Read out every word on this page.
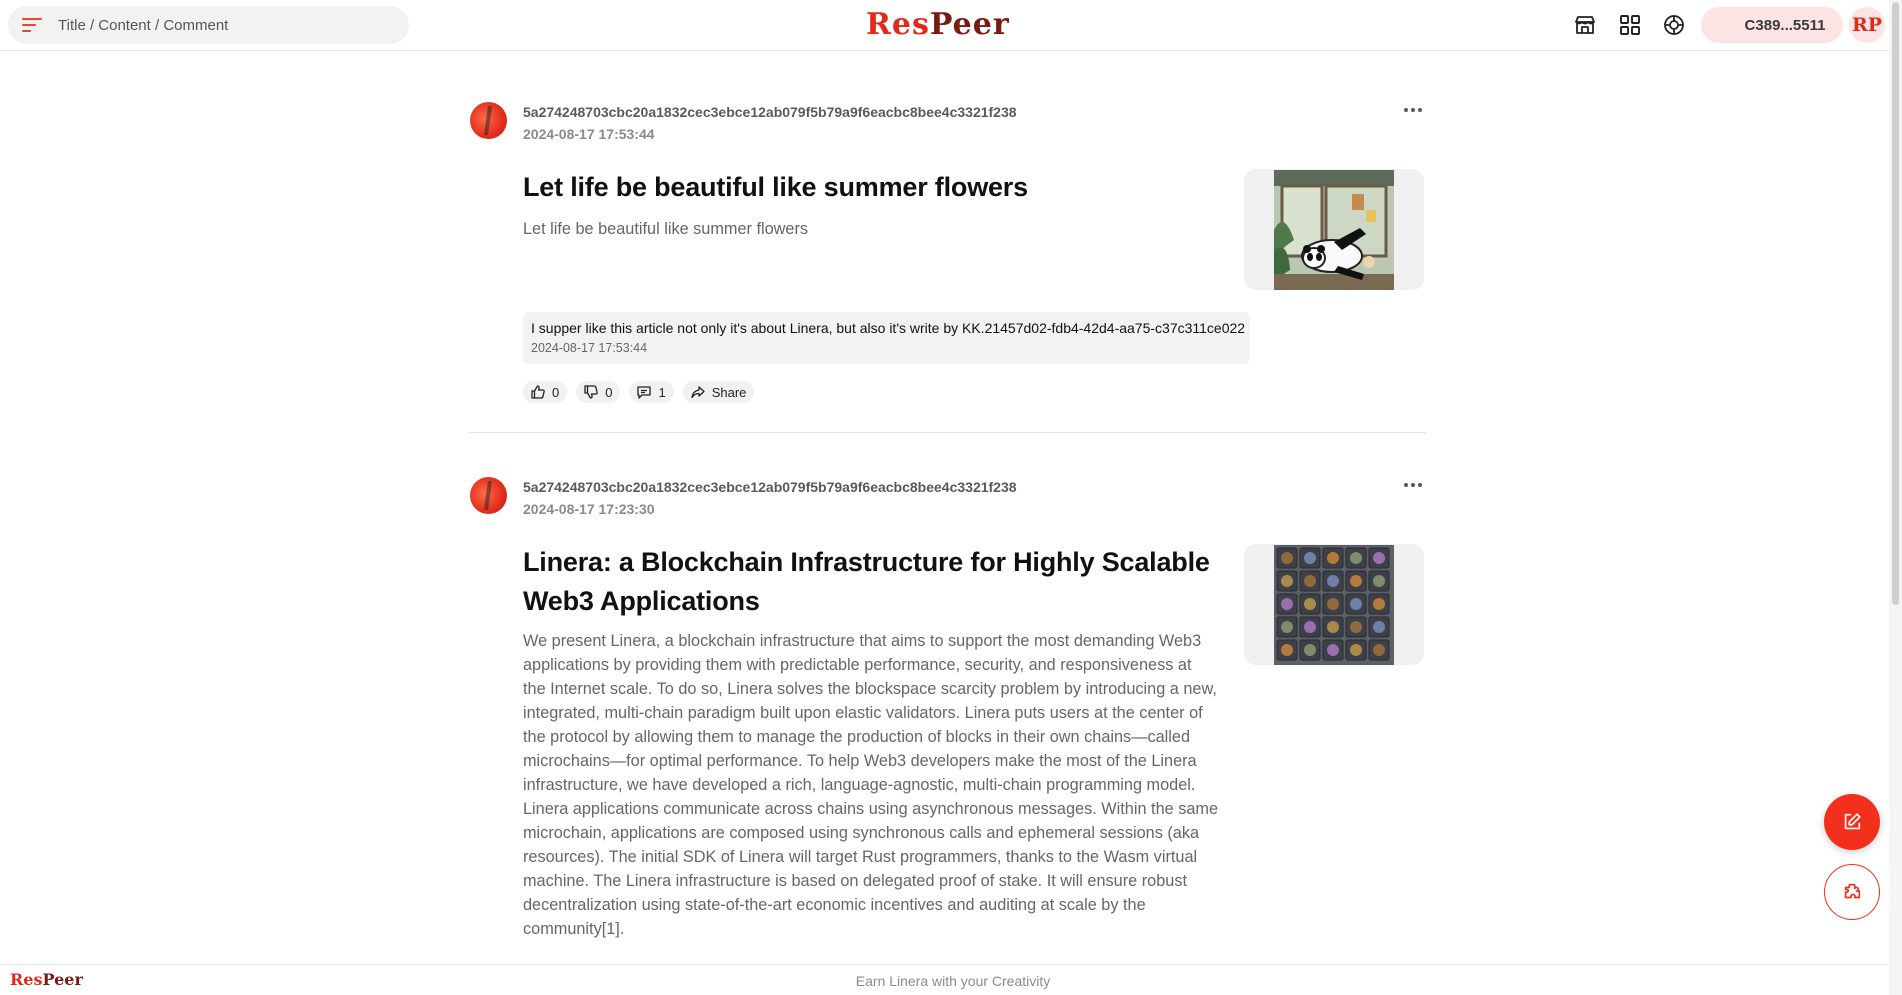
Title / Content / Comment
ResPeer	C389...5511 RP
5a274248703cbc20a1832cec3ebce12ab079f5b79a9f6eacbc8bee4c3321f238
2024-08-17 17:53:44
Let life be beautiful like summer flowers
Let life be beautiful like summer flowers
I supper like this article not only it's about Linera, but also it's write by KK.21457d02-fdb4-42d4-aa75-c37c311ce022
2024-08-17 17:53:44
0	0	1	Share
5a274248703cbc20a1832cec3ebce12ab079f5b79a9f6eacbc8bee4c3321f238
2024-08-17 17:23:30
Linera: a Blockchain Infrastructure for Highly Scalable
Web3 Applications
We present Linera, a blockchain infrastructure that aims to support the most demanding Web3 applications by providing them with predictable performance, security, and responsiveness at the Internet scale. To do so, Linera solves the blockspace scarcity problem by introducing a new, integrated, multi-chain paradigm built upon elastic validators. Linera puts users at the center of the protocol by allowing them to manage the production of blocks in their own chains—called microchains—for optimal performance. To help Web3 developers make the most of the Linera infrastructure, we have developed a rich, language-agnostic, multi-chain programming model. Linera applications communicate across chains using asynchronous messages. Within the same microchain, applications are composed using synchronous calls and ephemeral sessions (aka resources). The initial SDK of Linera will target Rust programmers, thanks to the Wasm virtual machine. The Linera infrastructure is based on delegated proof of stake. It will ensure robust decentralization using state-of-the-art economic incentives and auditing at scale by the community[1].
ResPeer	Earn Linera with your Creativity
